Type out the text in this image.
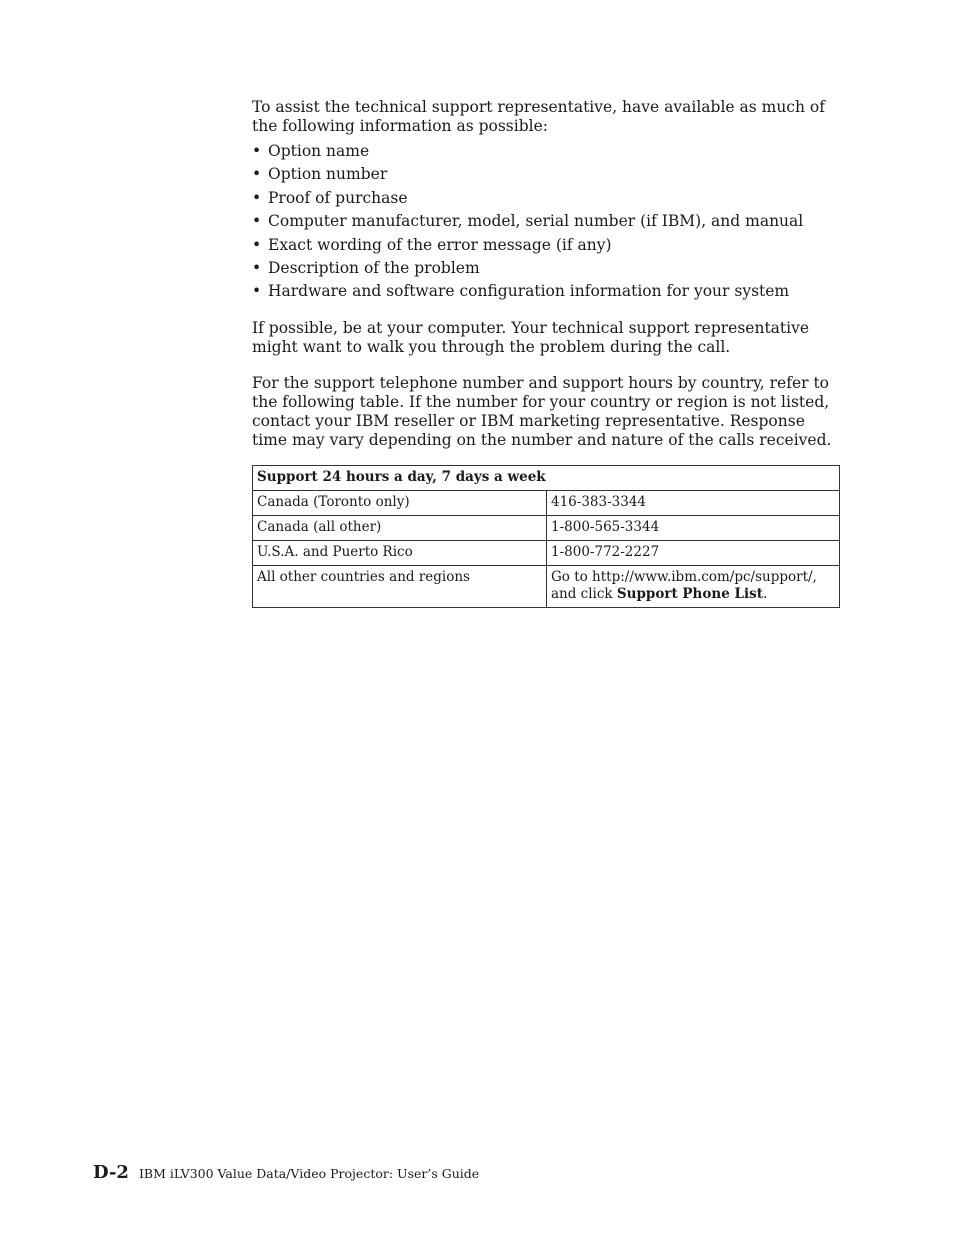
To assist the technical support representative, have available as much of the following information as possible:

• Option name
• Option number
• Proof of purchase
• Computer manufacturer, model, serial number (if IBM), and manual
• Exact wording of the error message (if any)
• Description of the problem
• Hardware and software configuration information for your system

If possible, be at your computer. Your technical support representative might want to walk you through the problem during the call.

For the support telephone number and support hours by country, refer to the following table. If the number for your country or region is not listed, contact your IBM reseller or IBM marketing representative. Response time may vary depending on the number and nature of the calls received.

Support 24 hours a day, 7 days a week	
Canada (Toronto only)	416-383-3344
Canada (all other)	1-800-565-3344
U.S.A. and Puerto Rico	1-800-772-2227
All other countries and regions	Go to http://www.ibm.com/pc/support/, and click Support Phone List.
D-2 IBM iLV300 Value Data/Video Projector: User’s Guide
